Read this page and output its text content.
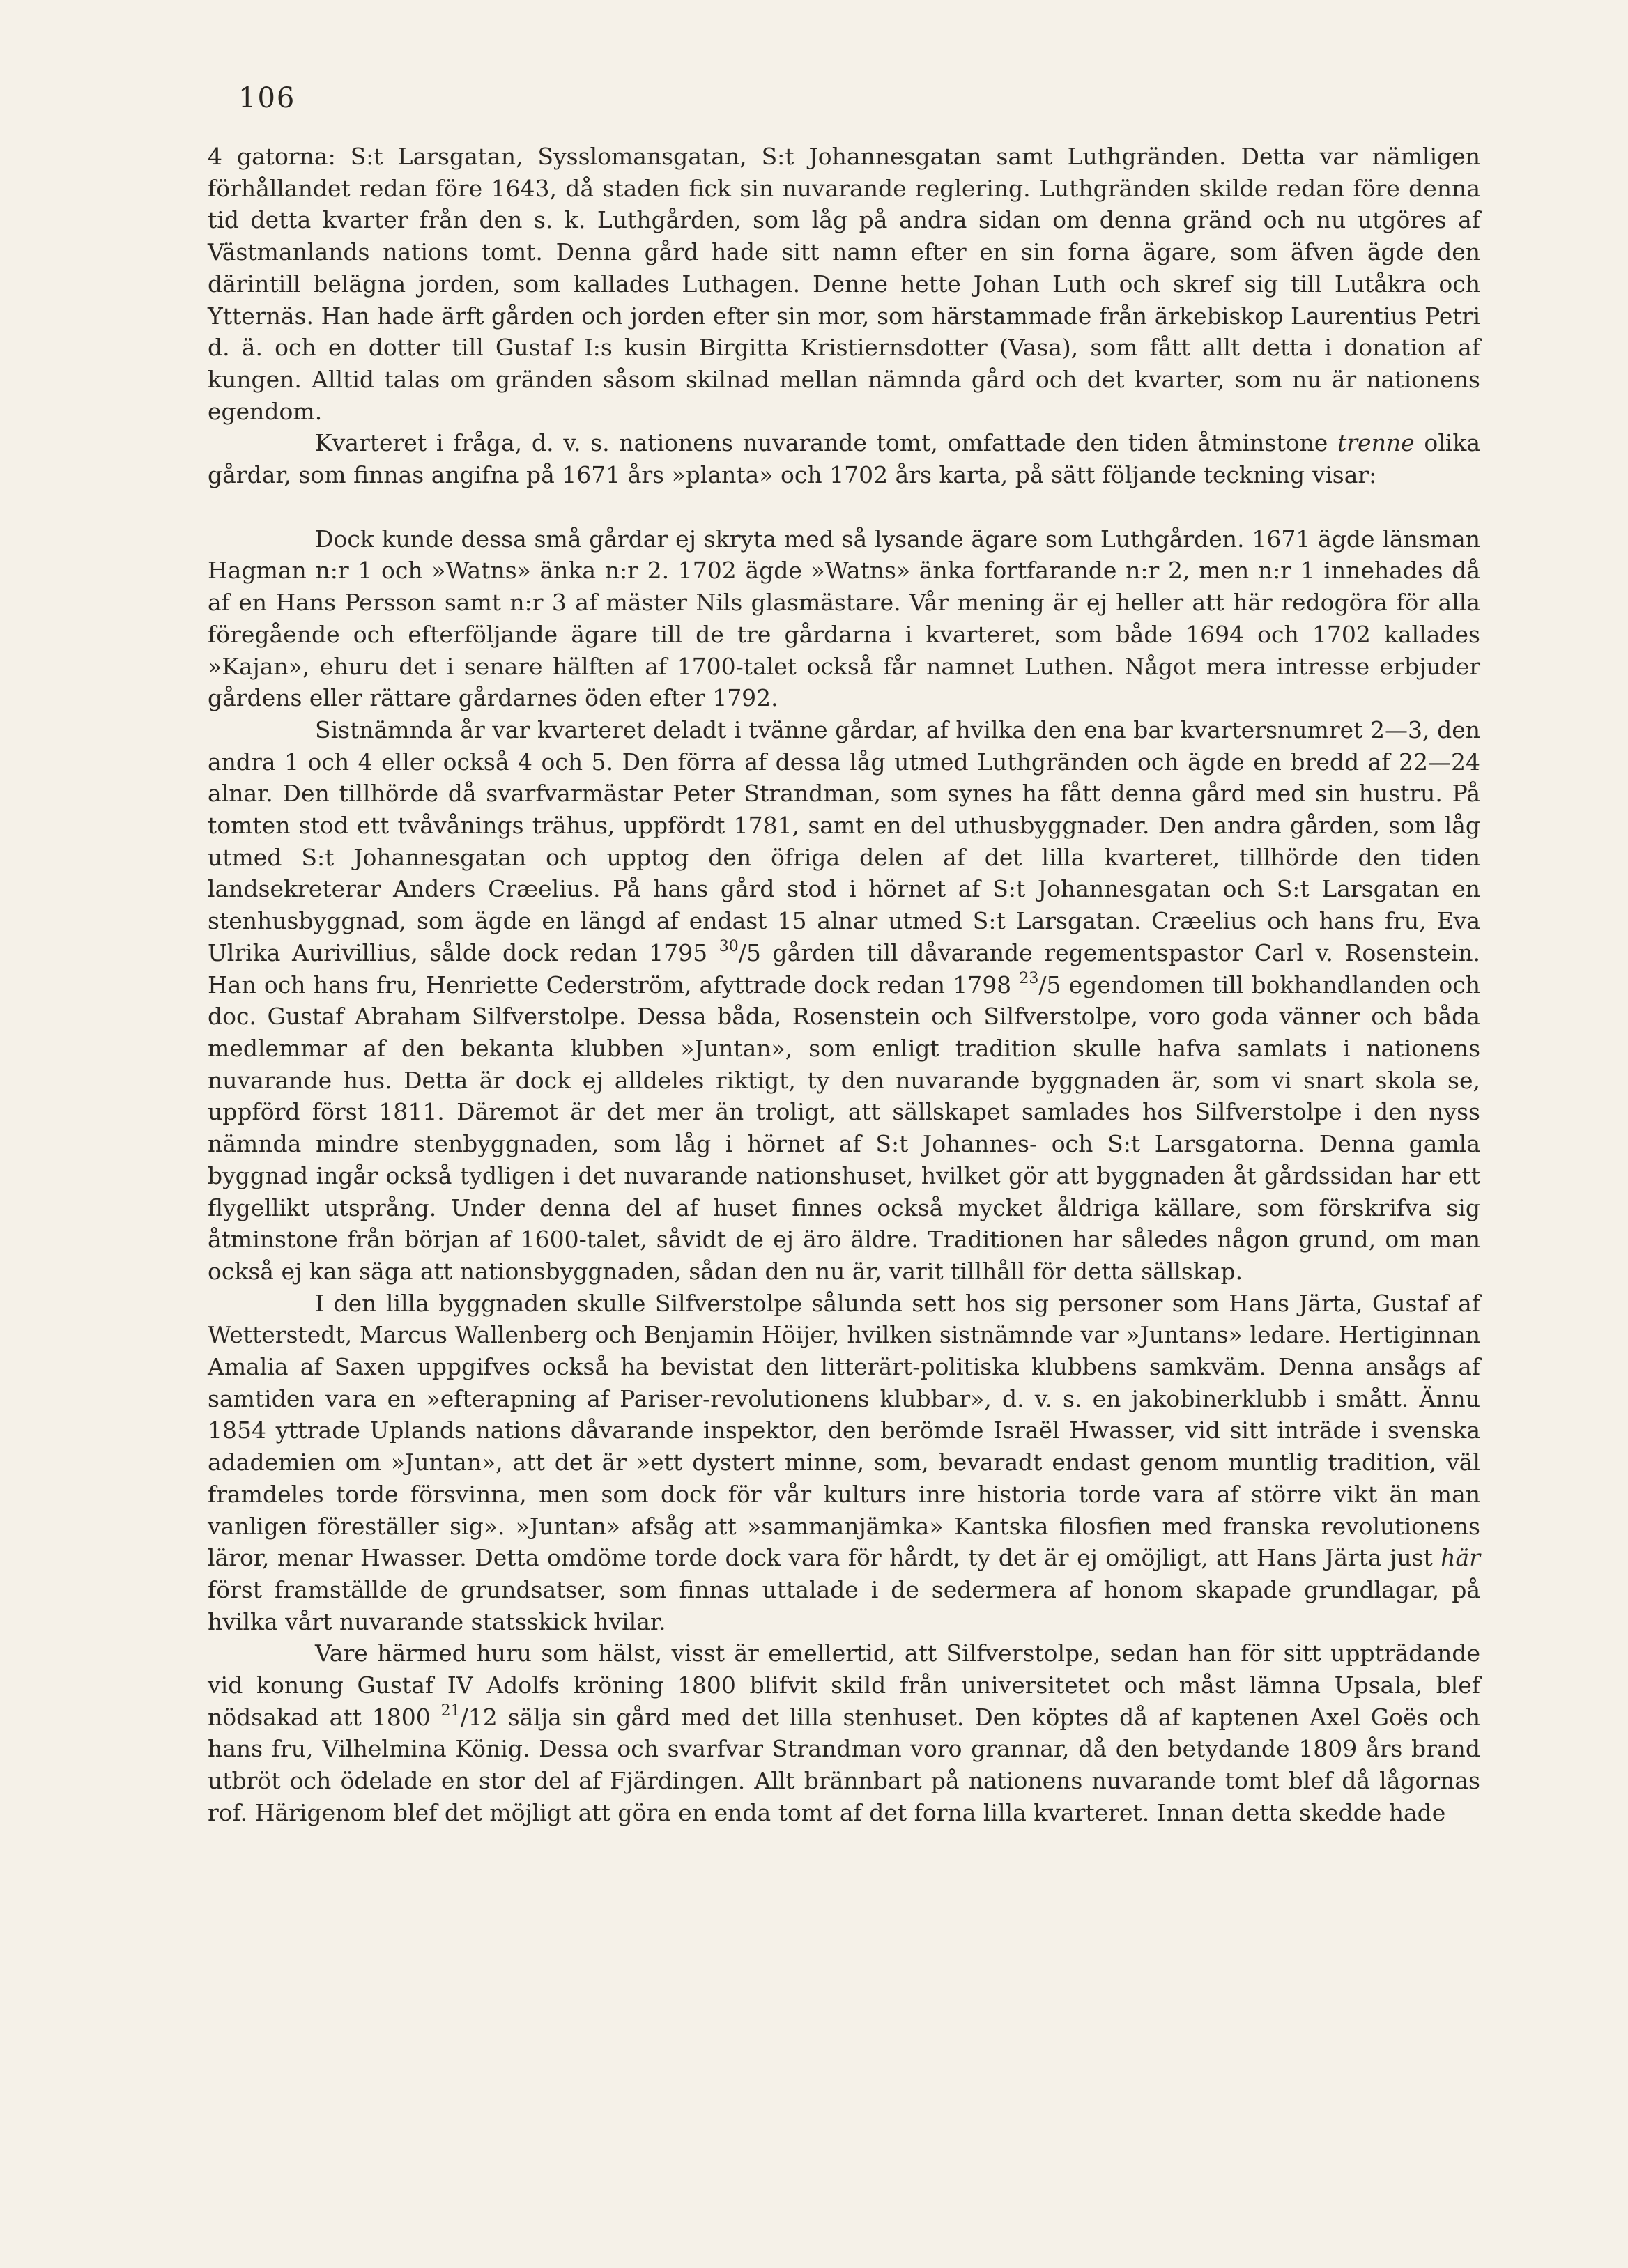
106

4 gatorna: S:t Larsgatan, Sysslomansgatan, S:t Johannesgatan samt Luthgränden. Detta var nämligen förhållandet redan före 1643, då staden fick sin nuvarande reglering. Luthgränden skilde redan före denna tid detta kvarter från den s. k. Luthgården, som låg på andra sidan om denna gränd och nu utgöres af Västmanlands nations tomt. Denna gård hade sitt namn efter en sin forna ägare, som äfven ägde den därintill belägna jorden, som kallades Luthagen. Denne hette Johan Luth och skref sig till Lutåkra och Ytternäs. Han hade ärft gården och jorden efter sin mor, som härstammade från ärkebiskop Laurentius Petri d. ä. och en dotter till Gustaf I:s kusin Birgitta Kristiernsdotter (Vasa), som fått allt detta i donation af kungen. Alltid talas om gränden såsom skilnad mellan nämnda gård och det kvarter, som nu är nationens egendom.

Kvarteret i fråga, d. v. s. nationens nuvarande tomt, omfattade den tiden åtminstone trenne olika gårdar, som finnas angifna på 1671 års »planta» och 1702 års karta, på sätt följande teckning visar:

Dock kunde dessa små gårdar ej skryta med så lysande ägare som Luthgården. 1671 ägde länsman Hagman n:r 1 och »Watns» änka n:r 2. 1702 ägde »Watns» änka fortfarande n:r 2, men n:r 1 innehades då af en Hans Persson samt n:r 3 af mäster Nils glasmästare. Vår mening är ej heller att här redogöra för alla föregående och efterföljande ägare till de tre gårdarna i kvarteret, som både 1694 och 1702 kallades »Kajan», ehuru det i senare hälften af 1700-talet också får namnet Luthen. Något mera intresse erbjuder gårdens eller rättare gårdarnes öden efter 1792.

Sistnämnda år var kvarteret deladt i tvänne gårdar, af hvilka den ena bar kvartersnumret 2—3, den andra 1 och 4 eller också 4 och 5. Den förra af dessa låg utmed Luthgränden och ägde en bredd af 22—24 alnar. Den tillhörde då svarfvarmästar Peter Strandman, som synes ha fått denna gård med sin hustru. På tomten stod ett tvåvånings trähus, uppfördt 1781, samt en del uthusbyggnader. Den andra gården, som låg utmed S:t Johannesgatan och upptog den öfriga delen af det lilla kvarteret, tillhörde den tiden landsekreterar Anders Cræelius. På hans gård stod i hörnet af S:t Johannesgatan och S:t Larsgatan en stenhusbyggnad, som ägde en längd af endast 15 alnar utmed S:t Larsgatan. Cræelius och hans fru, Eva Ulrika Aurivillius, sålde dock redan 1795 $^{30}$/5 gården till dåvarande regementspastor Carl v. Rosenstein. Han och hans fru, Henriette Cederström, afyttrade dock redan 1798 $^{23}$/5 egendomen till bokhandlanden och doc. Gustaf Abraham Silfverstolpe. Dessa båda, Rosenstein och Silfverstolpe, voro goda vänner och båda medlemmar af den bekanta klubben »Juntan», som enligt tradition skulle hafva samlats i nationens nuvarande hus. Detta är dock ej alldeles riktigt, ty den nuvarande byggnaden är, som vi snart skola se, uppförd först 1811. Däremot är det mer än troligt, att sällskapet samlades hos Silfverstolpe i den nyss nämnda mindre stenbyggnaden, som låg i hörnet af S:t Johannes- och S:t Larsgatorna. Denna gamla byggnad ingår också tydligen i det nuvarande nationshuset, hvilket gör att byggnaden åt gårdssidan har ett flygellikt utsprång. Under denna del af huset finnes också mycket åldriga källare, som förskrifva sig åtminstone från början af 1600-talet, såvidt de ej äro äldre. Traditionen har således någon grund, om man också ej kan säga att nationsbyggnaden, sådan den nu är, varit tillhåll för detta sällskap.

I den lilla byggnaden skulle Silfverstolpe sålunda sett hos sig personer som Hans Järta, Gustaf af Wetterstedt, Marcus Wallenberg och Benjamin Höijer, hvilken sistnämnde var »Juntans» ledare. Hertiginnan Amalia af Saxen uppgifves också ha bevistat den litterärt-politiska klubbens samkväm. Denna ansågs af samtiden vara en »efterapning af Pariser-revolutionens klubbar», d. v. s. en jakobinerklubb i smått. Ännu 1854 yttrade Uplands nations dåvarande inspektor, den berömde Israël Hwasser, vid sitt inträde i svenska adademien om »Juntan», att det är »ett dystert minne, som, bevaradt endast genom muntlig tradition, väl framdeles torde försvinna, men som dock för vår kulturs inre historia torde vara af större vikt än man vanligen föreställer sig». »Juntan» afsåg att »sammanjämka» Kantska filosfien med franska revolutionens läror, menar Hwasser. Detta omdöme torde dock vara för hårdt, ty det är ej omöjligt, att Hans Järta just här först framställde de grundsatser, som finnas uttalade i de sedermera af honom skapade grundlagar, på hvilka vårt nuvarande statsskick hvilar.

Vare härmed huru som hälst, visst är emellertid, att Silfverstolpe, sedan han för sitt uppträdande vid konung Gustaf IV Adolfs kröning 1800 blifvit skild från universitetet och måst lämna Upsala, blef nödsakad att 1800 $^{21}$/12 sälja sin gård med det lilla stenhuset. Den köptes då af kaptenen Axel Goës och hans fru, Vilhelmina König. Dessa och svarfvar Strandman voro grannar, då den betydande 1809 års brand utbröt och ödelade en stor del af Fjärdingen. Allt brännbart på nationens nuvarande tomt blef då lågornas rof. Härigenom blef det möjligt att göra en enda tomt af det forna lilla kvarteret. Innan detta skedde hade
